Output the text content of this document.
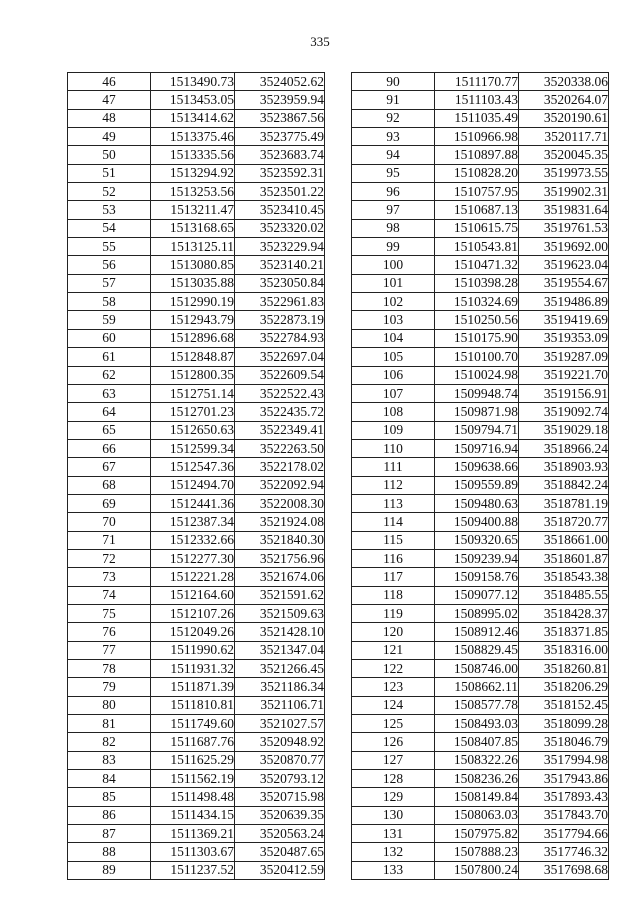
335
46	1513490.73	3524052.62
47	1513453.05	3523959.94
48	1513414.62	3523867.56
49	1513375.46	3523775.49
50	1513335.56	3523683.74
51	1513294.92	3523592.31
52	1513253.56	3523501.22
53	1513211.47	3523410.45
54	1513168.65	3523320.02
55	1513125.11	3523229.94
56	1513080.85	3523140.21
57	1513035.88	3523050.84
58	1512990.19	3522961.83
59	1512943.79	3522873.19
60	1512896.68	3522784.93
61	1512848.87	3522697.04
62	1512800.35	3522609.54
63	1512751.14	3522522.43
64	1512701.23	3522435.72
65	1512650.63	3522349.41
66	1512599.34	3522263.50
67	1512547.36	3522178.02
68	1512494.70	3522092.94
69	1512441.36	3522008.30
70	1512387.34	3521924.08
71	1512332.66	3521840.30
72	1512277.30	3521756.96
73	1512221.28	3521674.06
74	1512164.60	3521591.62
75	1512107.26	3521509.63
76	1512049.26	3521428.10
77	1511990.62	3521347.04
78	1511931.32	3521266.45
79	1511871.39	3521186.34
80	1511810.81	3521106.71
81	1511749.60	3521027.57
82	1511687.76	3520948.92
83	1511625.29	3520870.77
84	1511562.19	3520793.12
85	1511498.48	3520715.98
86	1511434.15	3520639.35
87	1511369.21	3520563.24
88	1511303.67	3520487.65
89	1511237.52	3520412.59
90	1511170.77	3520338.06
91	1511103.43	3520264.07
92	1511035.49	3520190.61
93	1510966.98	3520117.71
94	1510897.88	3520045.35
95	1510828.20	3519973.55
96	1510757.95	3519902.31
97	1510687.13	3519831.64
98	1510615.75	3519761.53
99	1510543.81	3519692.00
100	1510471.32	3519623.04
101	1510398.28	3519554.67
102	1510324.69	3519486.89
103	1510250.56	3519419.69
104	1510175.90	3519353.09
105	1510100.70	3519287.09
106	1510024.98	3519221.70
107	1509948.74	3519156.91
108	1509871.98	3519092.74
109	1509794.71	3519029.18
110	1509716.94	3518966.24
111	1509638.66	3518903.93
112	1509559.89	3518842.24
113	1509480.63	3518781.19
114	1509400.88	3518720.77
115	1509320.65	3518661.00
116	1509239.94	3518601.87
117	1509158.76	3518543.38
118	1509077.12	3518485.55
119	1508995.02	3518428.37
120	1508912.46	3518371.85
121	1508829.45	3518316.00
122	1508746.00	3518260.81
123	1508662.11	3518206.29
124	1508577.78	3518152.45
125	1508493.03	3518099.28
126	1508407.85	3518046.79
127	1508322.26	3517994.98
128	1508236.26	3517943.86
129	1508149.84	3517893.43
130	1508063.03	3517843.70
131	1507975.82	3517794.66
132	1507888.23	3517746.32
133	1507800.24	3517698.68
